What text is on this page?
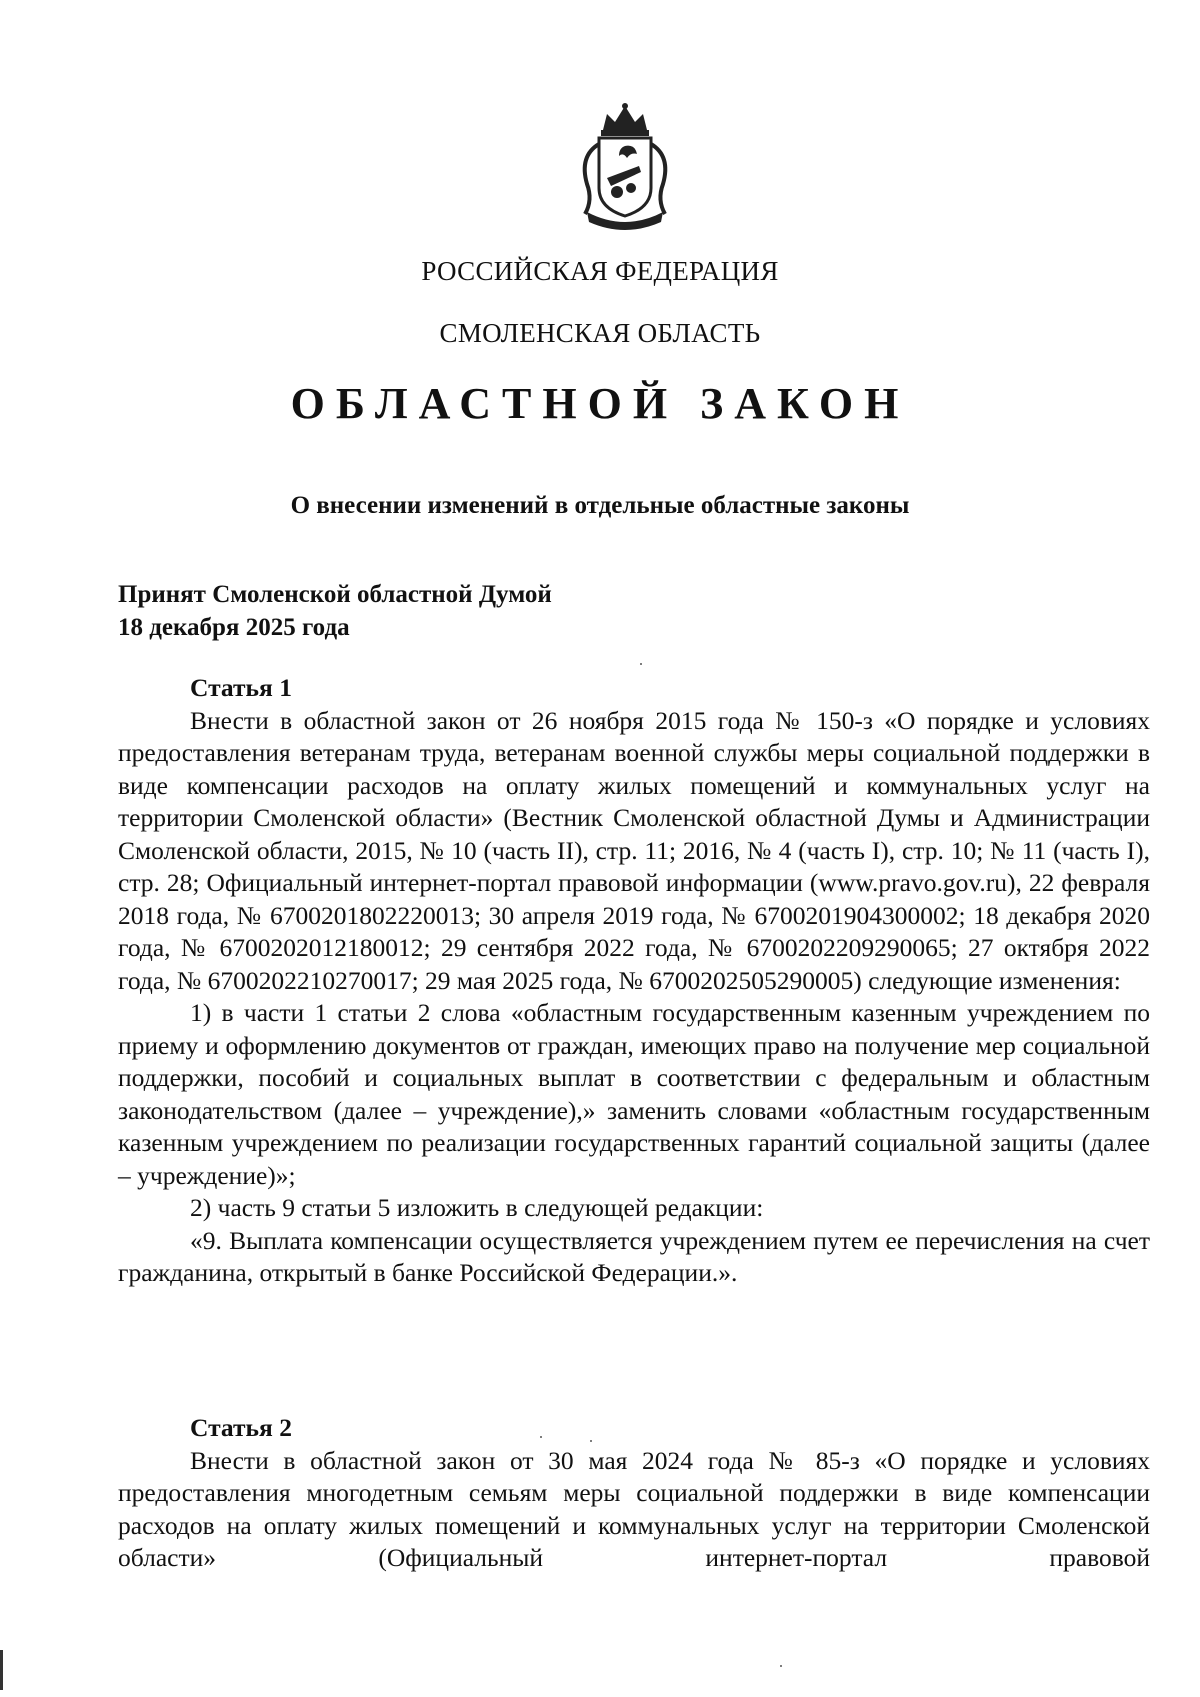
РОССИЙСКАЯ ФЕДЕРАЦИЯ
СМОЛЕНСКАЯ ОБЛАСТЬ
ОБЛАСТНОЙ ЗАКОН
О внесении изменений в отдельные областные законы
Принят Смоленской областной Думой
18 декабря 2025 года

Статья 1

Внести в областной закон от 26 ноября 2015 года № 150-з «О порядке и условиях предоставления ветеранам труда, ветеранам военной службы меры социальной поддержки в виде компенсации расходов на оплату жилых помещений и коммунальных услуг на территории Смоленской области» (Вестник Смоленской областной Думы и Администрации Смоленской области, 2015, № 10 (часть II), стр. 11; 2016, № 4 (часть I), стр. 10; № 11 (часть I), стр. 28; Официальный интернет-портал правовой информации (www.pravo.gov.ru), 22 февраля 2018 года, № 6700201802220013; 30 апреля 2019 года, № 6700201904300002; 18 декабря 2020 года, № 6700202012180012; 29 сентября 2022 года, № 6700202209290065; 27 октября 2022 года, № 6700202210270017; 29 мая 2025 года, № 6700202505290005) следующие изменения:

1) в части 1 статьи 2 слова «областным государственным казенным учреждением по приему и оформлению документов от граждан, имеющих право на получение мер социальной поддержки, пособий и социальных выплат в соответствии с федеральным и областным законодательством (далее – учреждение),» заменить словами «областным государственным казенным учреждением по реализации государственных гарантий социальной защиты (далее – учреждение)»;

2) часть 9 статьи 5 изложить в следующей редакции:

«9. Выплата компенсации осуществляется учреждением путем ее перечисления на счет гражданина, открытый в банке Российской Федерации.».

Статья 2

Внести в областной закон от 30 мая 2024 года № 85-з «О порядке и условиях предоставления многодетным семьям меры социальной поддержки в виде компенсации расходов на оплату жилых помещений и коммунальных услуг на территории Смоленской области» (Официальный интернет-портал правовой
